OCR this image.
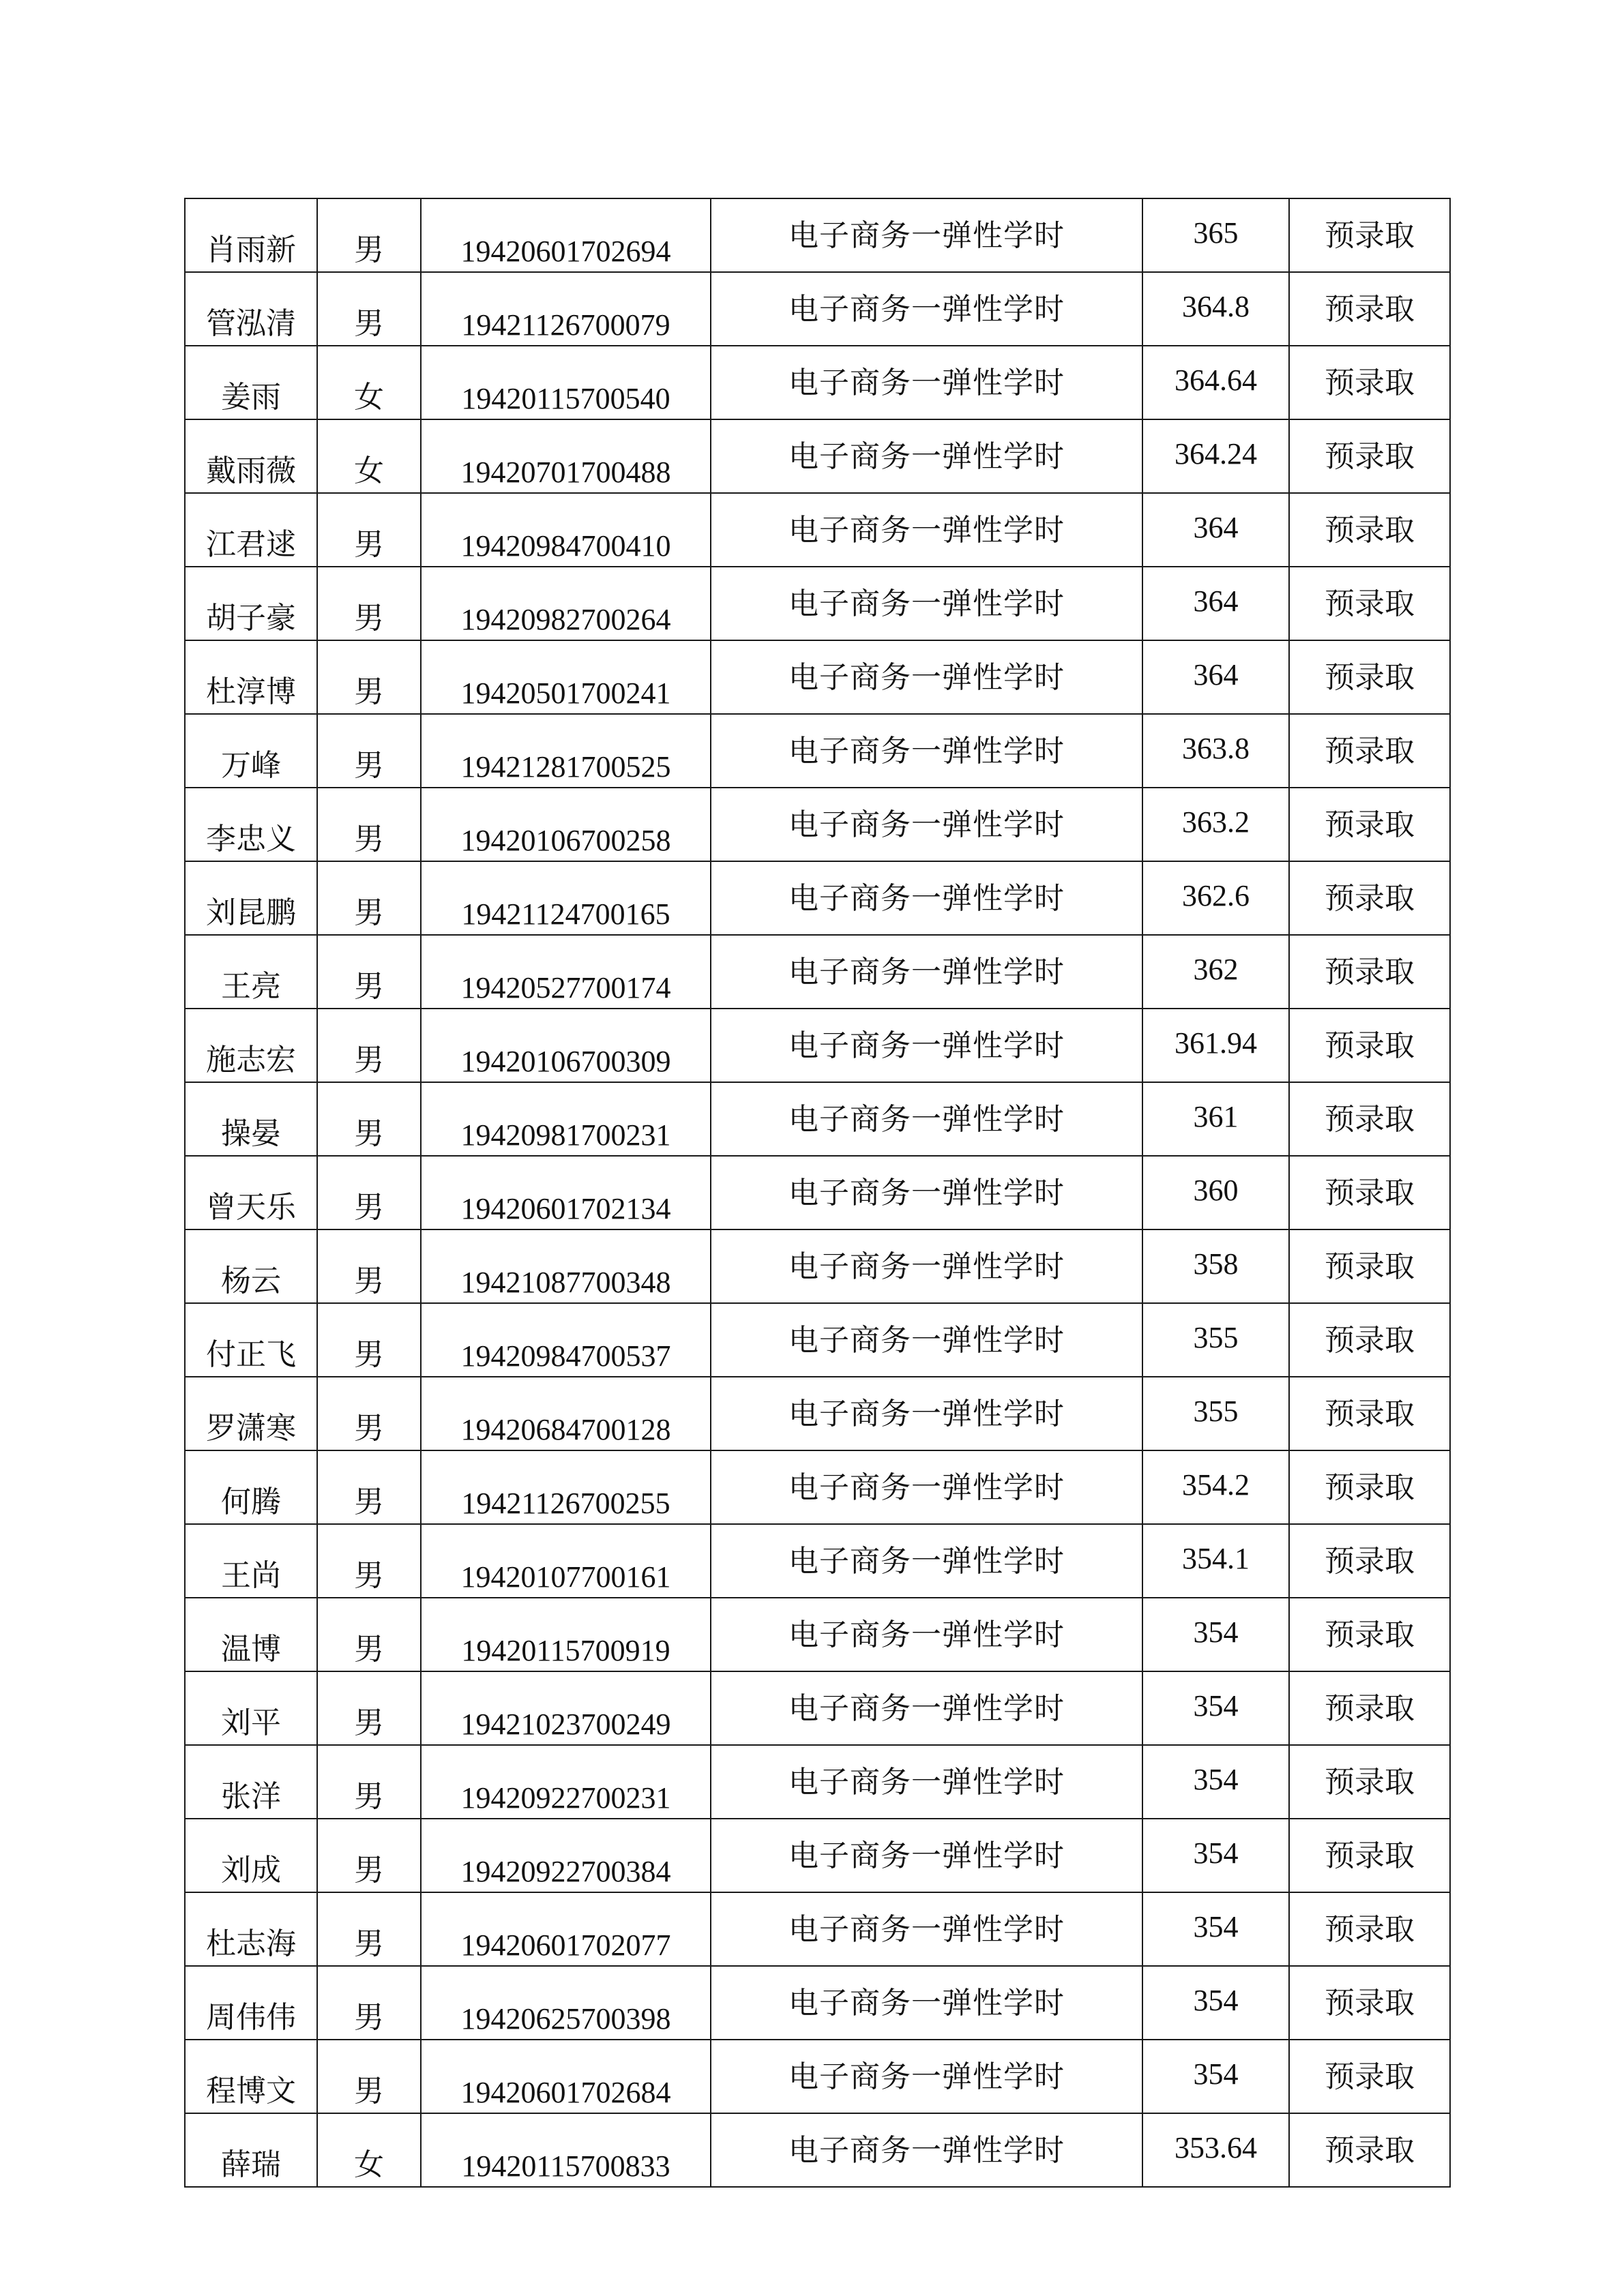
肖雨新	男	19420601702694	电子商务一弹性学时	365	预录取
管泓清	男	19421126700079	电子商务一弹性学时	364.8	预录取
姜雨	女	19420115700540	电子商务一弹性学时	364.64	预录取
戴雨薇	女	19420701700488	电子商务一弹性学时	364.24	预录取
江君逑	男	19420984700410	电子商务一弹性学时	364	预录取
胡子豪	男	19420982700264	电子商务一弹性学时	364	预录取
杜淳博	男	19420501700241	电子商务一弹性学时	364	预录取
万峰	男	19421281700525	电子商务一弹性学时	363.8	预录取
李忠义	男	19420106700258	电子商务一弹性学时	363.2	预录取
刘昆鹏	男	19421124700165	电子商务一弹性学时	362.6	预录取
王亮	男	19420527700174	电子商务一弹性学时	362	预录取
施志宏	男	19420106700309	电子商务一弹性学时	361.94	预录取
操晏	男	19420981700231	电子商务一弹性学时	361	预录取
曾天乐	男	19420601702134	电子商务一弹性学时	360	预录取
杨云	男	19421087700348	电子商务一弹性学时	358	预录取
付正飞	男	19420984700537	电子商务一弹性学时	355	预录取
罗潇寒	男	19420684700128	电子商务一弹性学时	355	预录取
何腾	男	19421126700255	电子商务一弹性学时	354.2	预录取
王尚	男	19420107700161	电子商务一弹性学时	354.1	预录取
温博	男	19420115700919	电子商务一弹性学时	354	预录取
刘平	男	19421023700249	电子商务一弹性学时	354	预录取
张洋	男	19420922700231	电子商务一弹性学时	354	预录取
刘成	男	19420922700384	电子商务一弹性学时	354	预录取
杜志海	男	19420601702077	电子商务一弹性学时	354	预录取
周伟伟	男	19420625700398	电子商务一弹性学时	354	预录取
程博文	男	19420601702684	电子商务一弹性学时	354	预录取
薛瑞	女	19420115700833	电子商务一弹性学时	353.64	预录取
